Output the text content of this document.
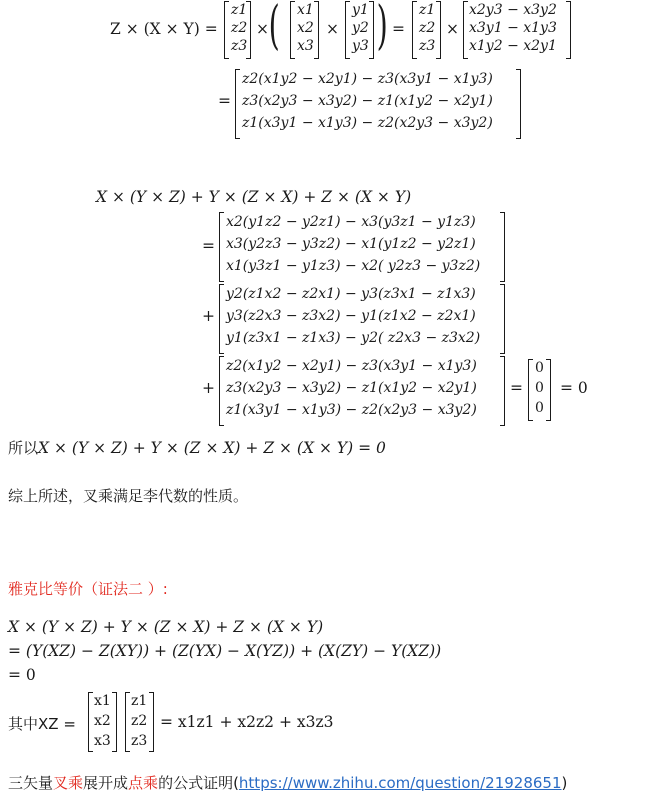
Z × (X × Y) =
z1
z2
z3
× ( x1
x2
x3
×
y1
y2
y3 ) =
z1
z2
z3
×
x2y3 − x3y2
x3y1 − x1y3
x1y2 − x2y1
=
z2(x1y2 − x2y1) − z3(x3y1 − x1y3)
z3(x2y3 − x3y2) − z1(x1y2 − x2y1)
z1(x3y1 − x1y3) − z2(x2y3 − x3y2)
X × (Y × Z) + Y × (Z × X) + Z × (X × Y)
=
x2(y1z2 − y2z1) − x3(y3z1 − y1z3)
x3(y2z3 − y3z2) − x1(y1z2 − y2z1)
x1(y3z1 − y1z3) − x2( y2z3 − y3z2)
+
y2(z1x2 − z2x1) − y3(z3x1 − z1x3)
y3(z2x3 − z3x2) − y1(z1x2 − z2x1)
y1(z3x1 − z1x3) − y2( z2x3 − z3x2)
+
z2(x1y2 − x2y1) − z3(x3y1 − x1y3)
z3(x2y3 − x3y2) − z1(x1y2 − x2y1)
z1(x3y1 − x1y3) − z2(x2y3 − x3y2)
=
0
0
0
= 0
所以X × (Y × Z) + Y × (Z × X) + Z × (X × Y) = 0
综上所述，叉乘满足李代数的性质。
雅克比等价（证法二 ）:
X × (Y × Z) + Y × (Z × X) + Z × (X × Y)
= (Y(XZ) − Z(XY)) + (Z(YX) − X(YZ)) + (X(ZY) − Y(XZ))
= 0
其中XZ =
x1
x2
x3
z1
z2
z3
= x1z1 + x2z2 + x3z3
三矢量叉乘展开成点乘的公式证明(https://www.zhihu.com/question/21928651)
